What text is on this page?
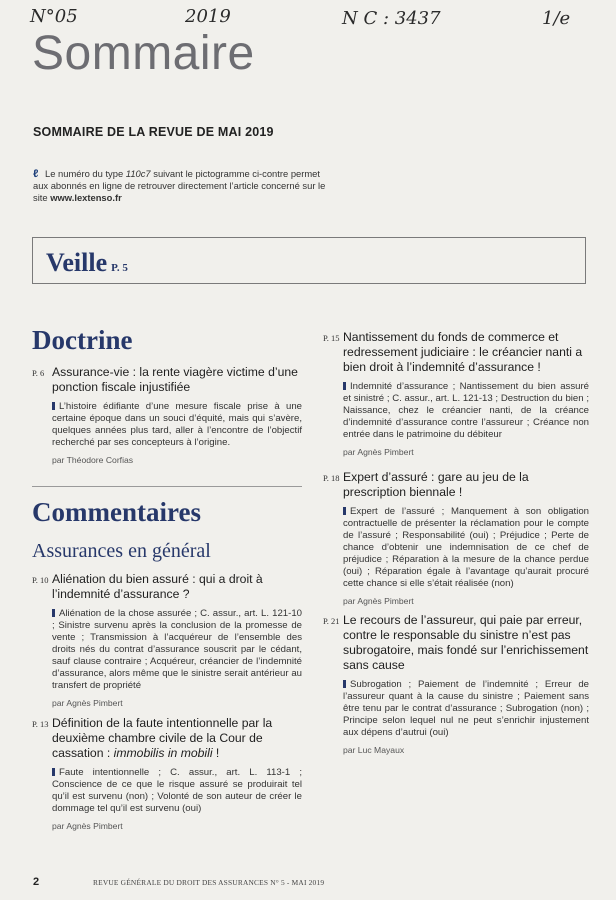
N°05	2019	N C : 3437	1/e
Sommaire
SOMMAIRE DE LA REVUE DE MAI 2019
ℓ Le numéro du type 110c7 suivant le pictogramme ci-contre permet aux abonnés en ligne de retrouver directement l’article concerné sur le site www.lextenso.fr
Veille P. 5
Doctrine
P. 6 Assurance-vie : la rente viagère victime d’une ponction fiscale injustifiée
L’histoire édifiante d’une mesure fiscale prise à une certaine époque dans un souci d’équité, mais qui s’avère, quelques années plus tard, aller à l’encontre de l’objectif recherché par ses concepteurs à l’origine.
par Théodore Corfias
Commentaires
Assurances en général
P. 10 Aliénation du bien assuré : qui a droit à l’indemnité d’assurance ?
Aliénation de la chose assurée ; C. assur., art. L. 121-10 ; Sinistre survenu après la conclusion de la promesse de vente ; Transmission à l’acquéreur de l’ensemble des droits nés du contrat d’assurance souscrit par le cédant, sauf clause contraire ; Acquéreur, créancier de l’indemnité d’assurance, alors même que le sinistre serait antérieur au transfert de propriété
par Agnès Pimbert
P. 13 Définition de la faute intentionnelle par la deuxième chambre civile de la Cour de cassation : immobilis in mobili !
Faute intentionnelle ; C. assur., art. L. 113-1 ; Conscience de ce que le risque assuré se produirait tel qu’il est survenu (non) ; Volonté de son auteur de créer le dommage tel qu’il est survenu (oui)
par Agnès Pimbert
P. 15 Nantissement du fonds de commerce et redressement judiciaire : le créancier nanti a bien droit à l’indemnité d’assurance !
Indemnité d’assurance ; Nantissement du bien assuré et sinistré ; C. assur., art. L. 121-13 ; Destruction du bien ; Naissance, chez le créancier nanti, de la créance d’indemnité d’assurance contre l’assureur ; Créance non entrée dans le patrimoine du débiteur
par Agnès Pimbert
P. 18 Expert d’assuré : gare au jeu de la prescription biennale !
Expert de l’assuré ; Manquement à son obligation contractuelle de présenter la réclamation pour le compte de l’assuré ; Responsabilité (oui) ; Préjudice ; Perte de chance d’obtenir une indemnisation de ce chef de préjudice ; Réparation à la mesure de la chance perdue (oui) ; Réparation égale à l’avantage qu’aurait procuré cette chance si elle s’était réalisée (non)
par Agnès Pimbert
P. 21 Le recours de l’assureur, qui paie par erreur, contre le responsable du sinistre n’est pas subrogatoire, mais fondé sur l’enrichissement sans cause
Subrogation ; Paiement de l’indemnité ; Erreur de l’assureur quant à la cause du sinistre ; Paiement sans être tenu par le contrat d’assurance ; Subrogation (non) ; Principe selon lequel nul ne peut s’enrichir injustement aux dépens d’autrui (oui)
par Luc Mayaux
2	REVUE GÉNÉRALE DU DROIT DES ASSURANCES N° 5 - MAI 2019
